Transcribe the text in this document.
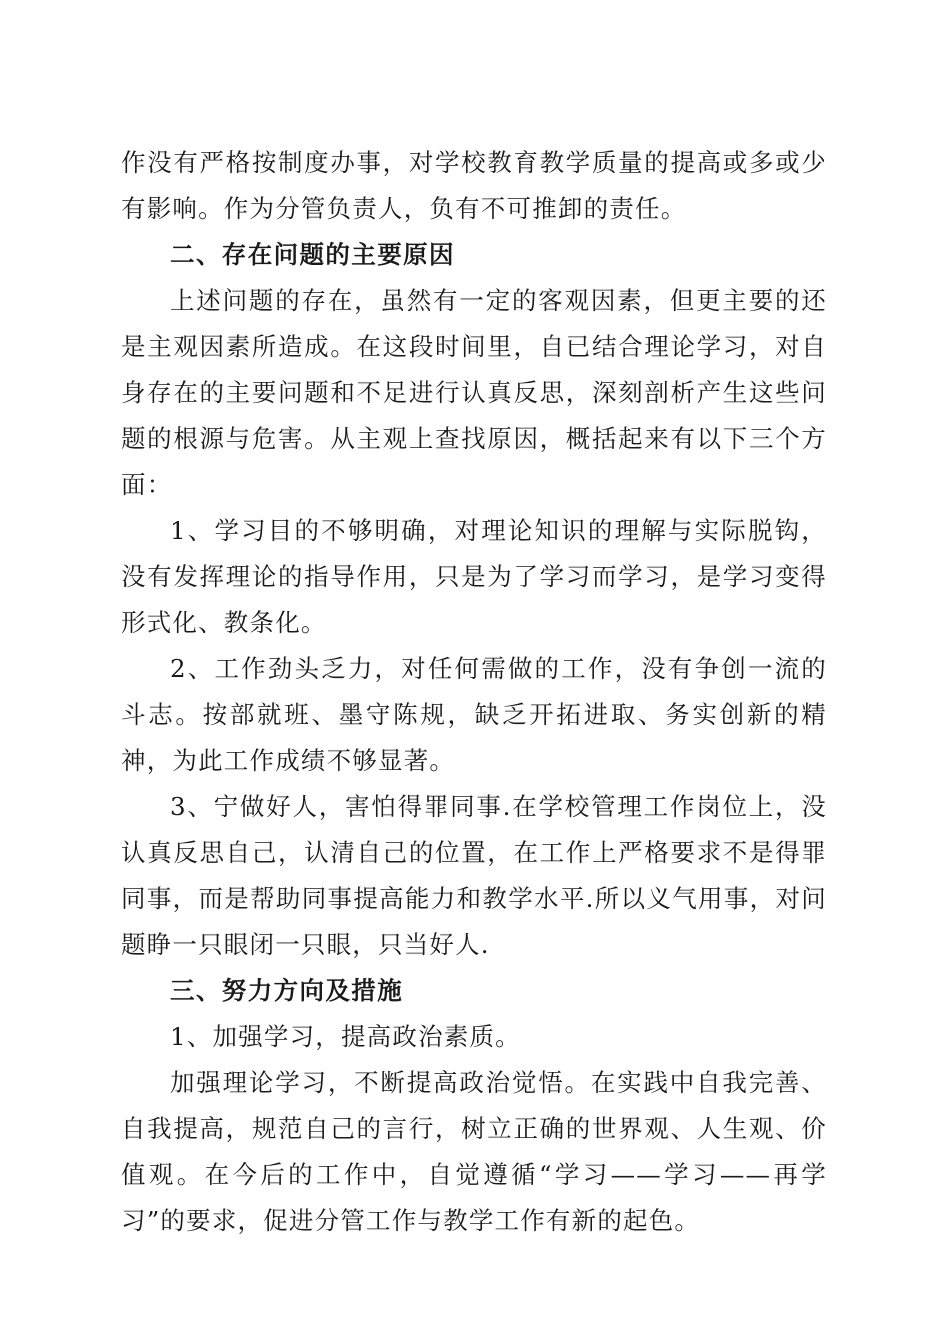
作没有严格按制度办事，对学校教育教学质量的提高或多或少有影响。作为分管负责人，负有不可推卸的责任。

二、存在问题的主要原因

上述问题的存在，虽然有一定的客观因素，但更主要的还是主观因素所造成。在这段时间里，自已结合理论学习，对自身存在的主要问题和不足进行认真反思，深刻剖析产生这些问题的根源与危害。从主观上查找原因，概括起来有以下三个方面：

1、学习目的不够明确，对理论知识的理解与实际脱钩，没有发挥理论的指导作用，只是为了学习而学习，是学习变得形式化、教条化。

2、工作劲头乏力，对任何需做的工作，没有争创一流的斗志。按部就班、墨守陈规，缺乏开拓进取、务实创新的精神，为此工作成绩不够显著。

3、宁做好人，害怕得罪同事.在学校管理工作岗位上，没认真反思自己，认清自己的位置，在工作上严格要求不是得罪同事，而是帮助同事提高能力和教学水平.所以义气用事，对问题睁一只眼闭一只眼，只当好人.

三、努力方向及措施

1、加强学习，提高政治素质。

加强理论学习，不断提高政治觉悟。在实践中自我完善、自我提高，规范自己的言行，树立正确的世界观、人生观、价值观。在今后的工作中，自觉遵循“学习——学习——再学习”的要求，促进分管工作与教学工作有新的起色。
